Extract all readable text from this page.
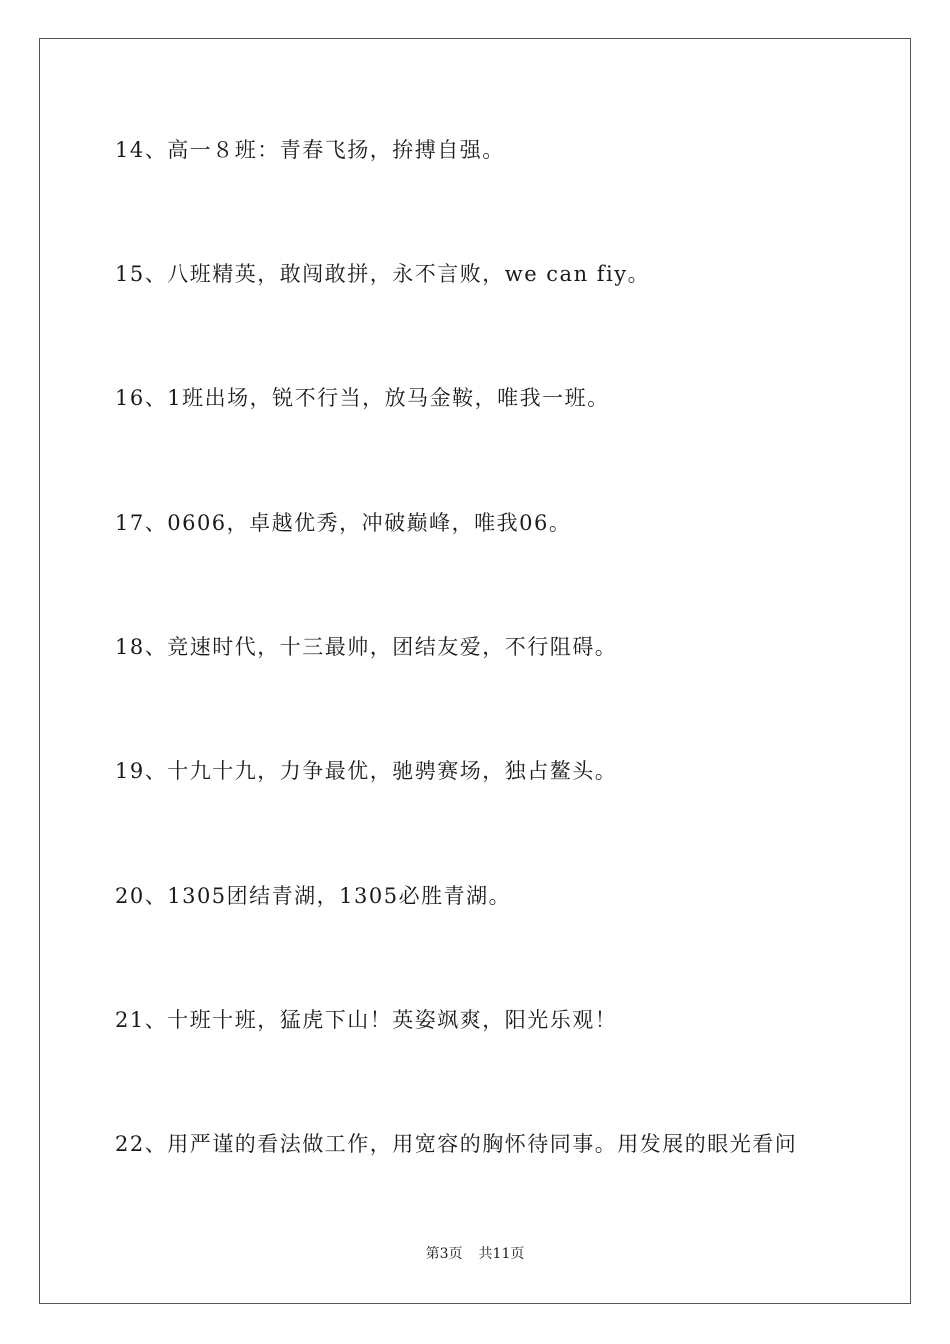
14、高一８班：青春飞扬，拚搏自强。
15、八班精英，敢闯敢拼，永不言败，we can fiy。
16、1班出场，锐不行当，放马金鞍，唯我一班。
17、0606，卓越优秀，冲破巅峰，唯我06。
18、竞速时代，十三最帅，团结友爱，不行阻碍。
19、十九十九，力争最优，驰骋赛场，独占鳌头。
20、1305团结青湖，1305必胜青湖。
21、十班十班，猛虎下山！英姿飒爽，阳光乐观！
22、用严谨的看法做工作，用宽容的胸怀待同事。用发展的眼光看问
第3页 共11页
